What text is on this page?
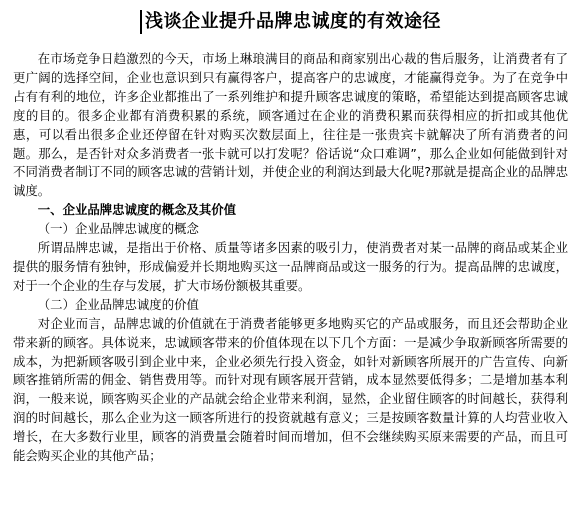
浅谈企业提升品牌忠诚度的有效途径

在市场竞争日趋激烈的今天，市场上琳琅满目的商品和商家别出心裁的售后服务，让消费者有了更广阔的选择空间，企业也意识到只有赢得客户，提高客户的忠诚度，才能赢得竞争。为了在竞争中占有有利的地位，许多企业都推出了一系列维护和提升顾客忠诚度的策略，希望能达到提高顾客忠诚度的目的。很多企业都有消费积累的系统，顾客通过在企业的消费积累而获得相应的折扣或其他优惠，可以看出很多企业还停留在针对购买次数层面上，往往是一张贵宾卡就解决了所有消费者的问题。那么，是否针对众多消费者一张卡就可以打发呢？俗话说“众口难调”，那么企业如何能做到针对不同消费者制订不同的顾客忠诚的营销计划，并使企业的利润达到最大化呢?那就是提高企业的品牌忠诚度。

一、企业品牌忠诚度的概念及其价值

（一）企业品牌忠诚度的概念

所谓品牌忠诚，是指出于价格、质量等诸多因素的吸引力，使消费者对某一品牌的商品或某企业提供的服务情有独钟，形成偏爱并长期地购买这一品牌商品或这一服务的行为。提高品牌的忠诚度，对于一个企业的生存与发展，扩大市场份额极其重要。

（二）企业品牌忠诚度的价值

对企业而言，品牌忠诚的价值就在于消费者能够更多地购买它的产品或服务，而且还会帮助企业带来新的顾客。具体说来，忠诚顾客带来的价值体现在以下几个方面：一是减少争取新顾客所需要的成本，为把新顾客吸引到企业中来，企业必须先行投入资金，如针对新顾客所展开的广告宣传、向新顾客推销所需的佣金、销售费用等。而针对现有顾客展开营销，成本显然要低得多；二是增加基本利润，一般来说，顾客购买企业的产品就会给企业带来利润，显然，企业留住顾客的时间越长，获得利润的时间越长，那么企业为这一顾客所进行的投资就越有意义；三是按顾客数量计算的人均营业收入增长，在大多数行业里，顾客的消费量会随着时间而增加，但不会继续购买原来需要的产品，而且可能会购买企业的其他产品；
